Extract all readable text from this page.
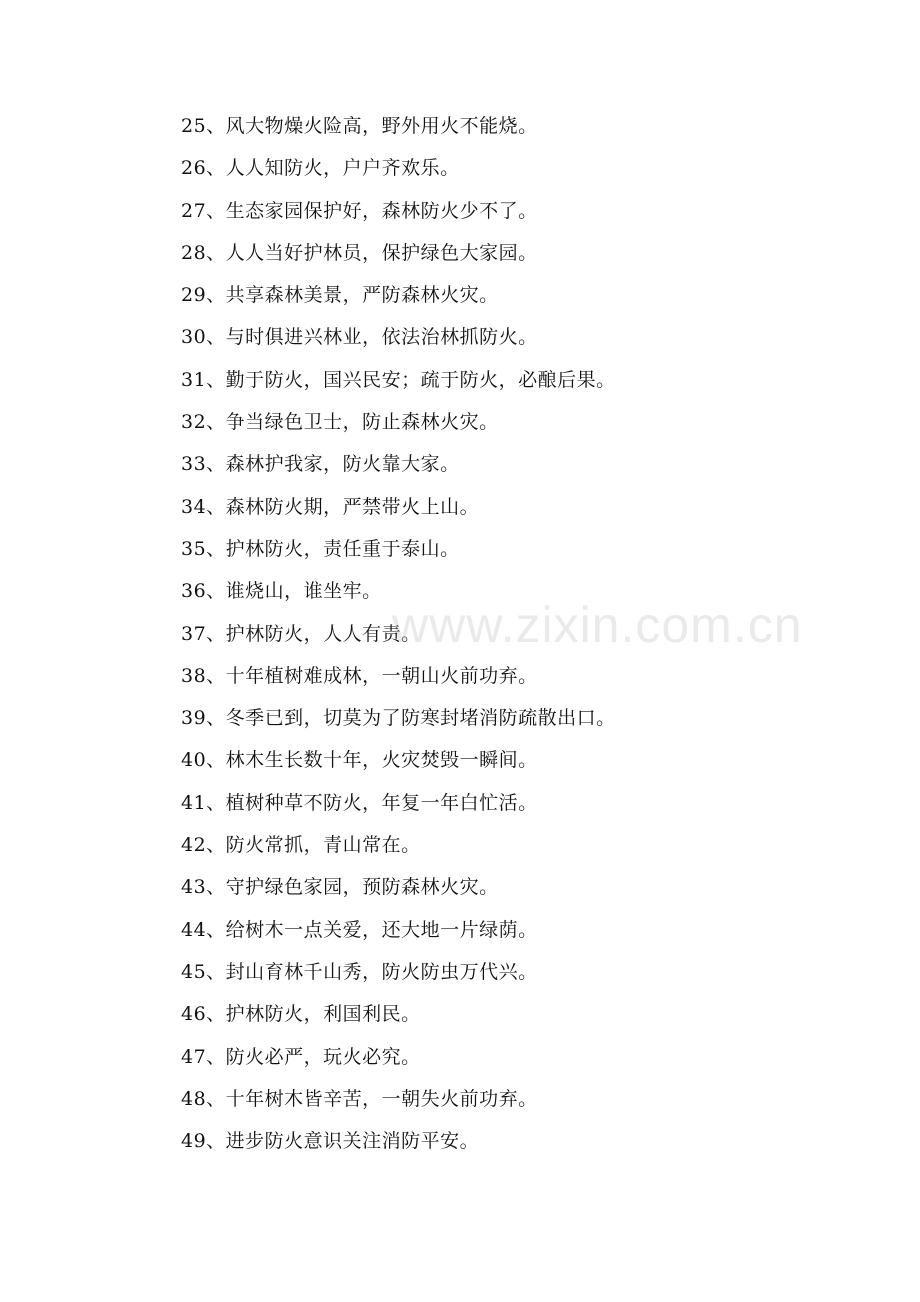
25、风大物燥火险高，野外用火不能烧。
26、人人知防火，户户齐欢乐。
27、生态家园保护好，森林防火少不了。
28、人人当好护林员，保护绿色大家园。
29、共享森林美景，严防森林火灾。
30、与时俱进兴林业，依法治林抓防火。
31、勤于防火，国兴民安；疏于防火，必酿后果。
32、争当绿色卫士，防止森林火灾。
33、森林护我家，防火靠大家。
34、森林防火期，严禁带火上山。
35、护林防火，责任重于泰山。
36、谁烧山，谁坐牢。
37、护林防火，人人有责。
38、十年植树难成林，一朝山火前功弃。
39、冬季已到，切莫为了防寒封堵消防疏散出口。
40、林木生长数十年，火灾焚毁一瞬间。
41、植树种草不防火，年复一年白忙活。
42、防火常抓，青山常在。
43、守护绿色家园，预防森林火灾。
44、给树木一点关爱，还大地一片绿荫。
45、封山育林千山秀，防火防虫万代兴。
46、护林防火，利国利民。
47、防火必严，玩火必究。
48、十年树木皆辛苦，一朝失火前功弃。
49、进步防火意识关注消防平安。
www.zixin.com.cn
